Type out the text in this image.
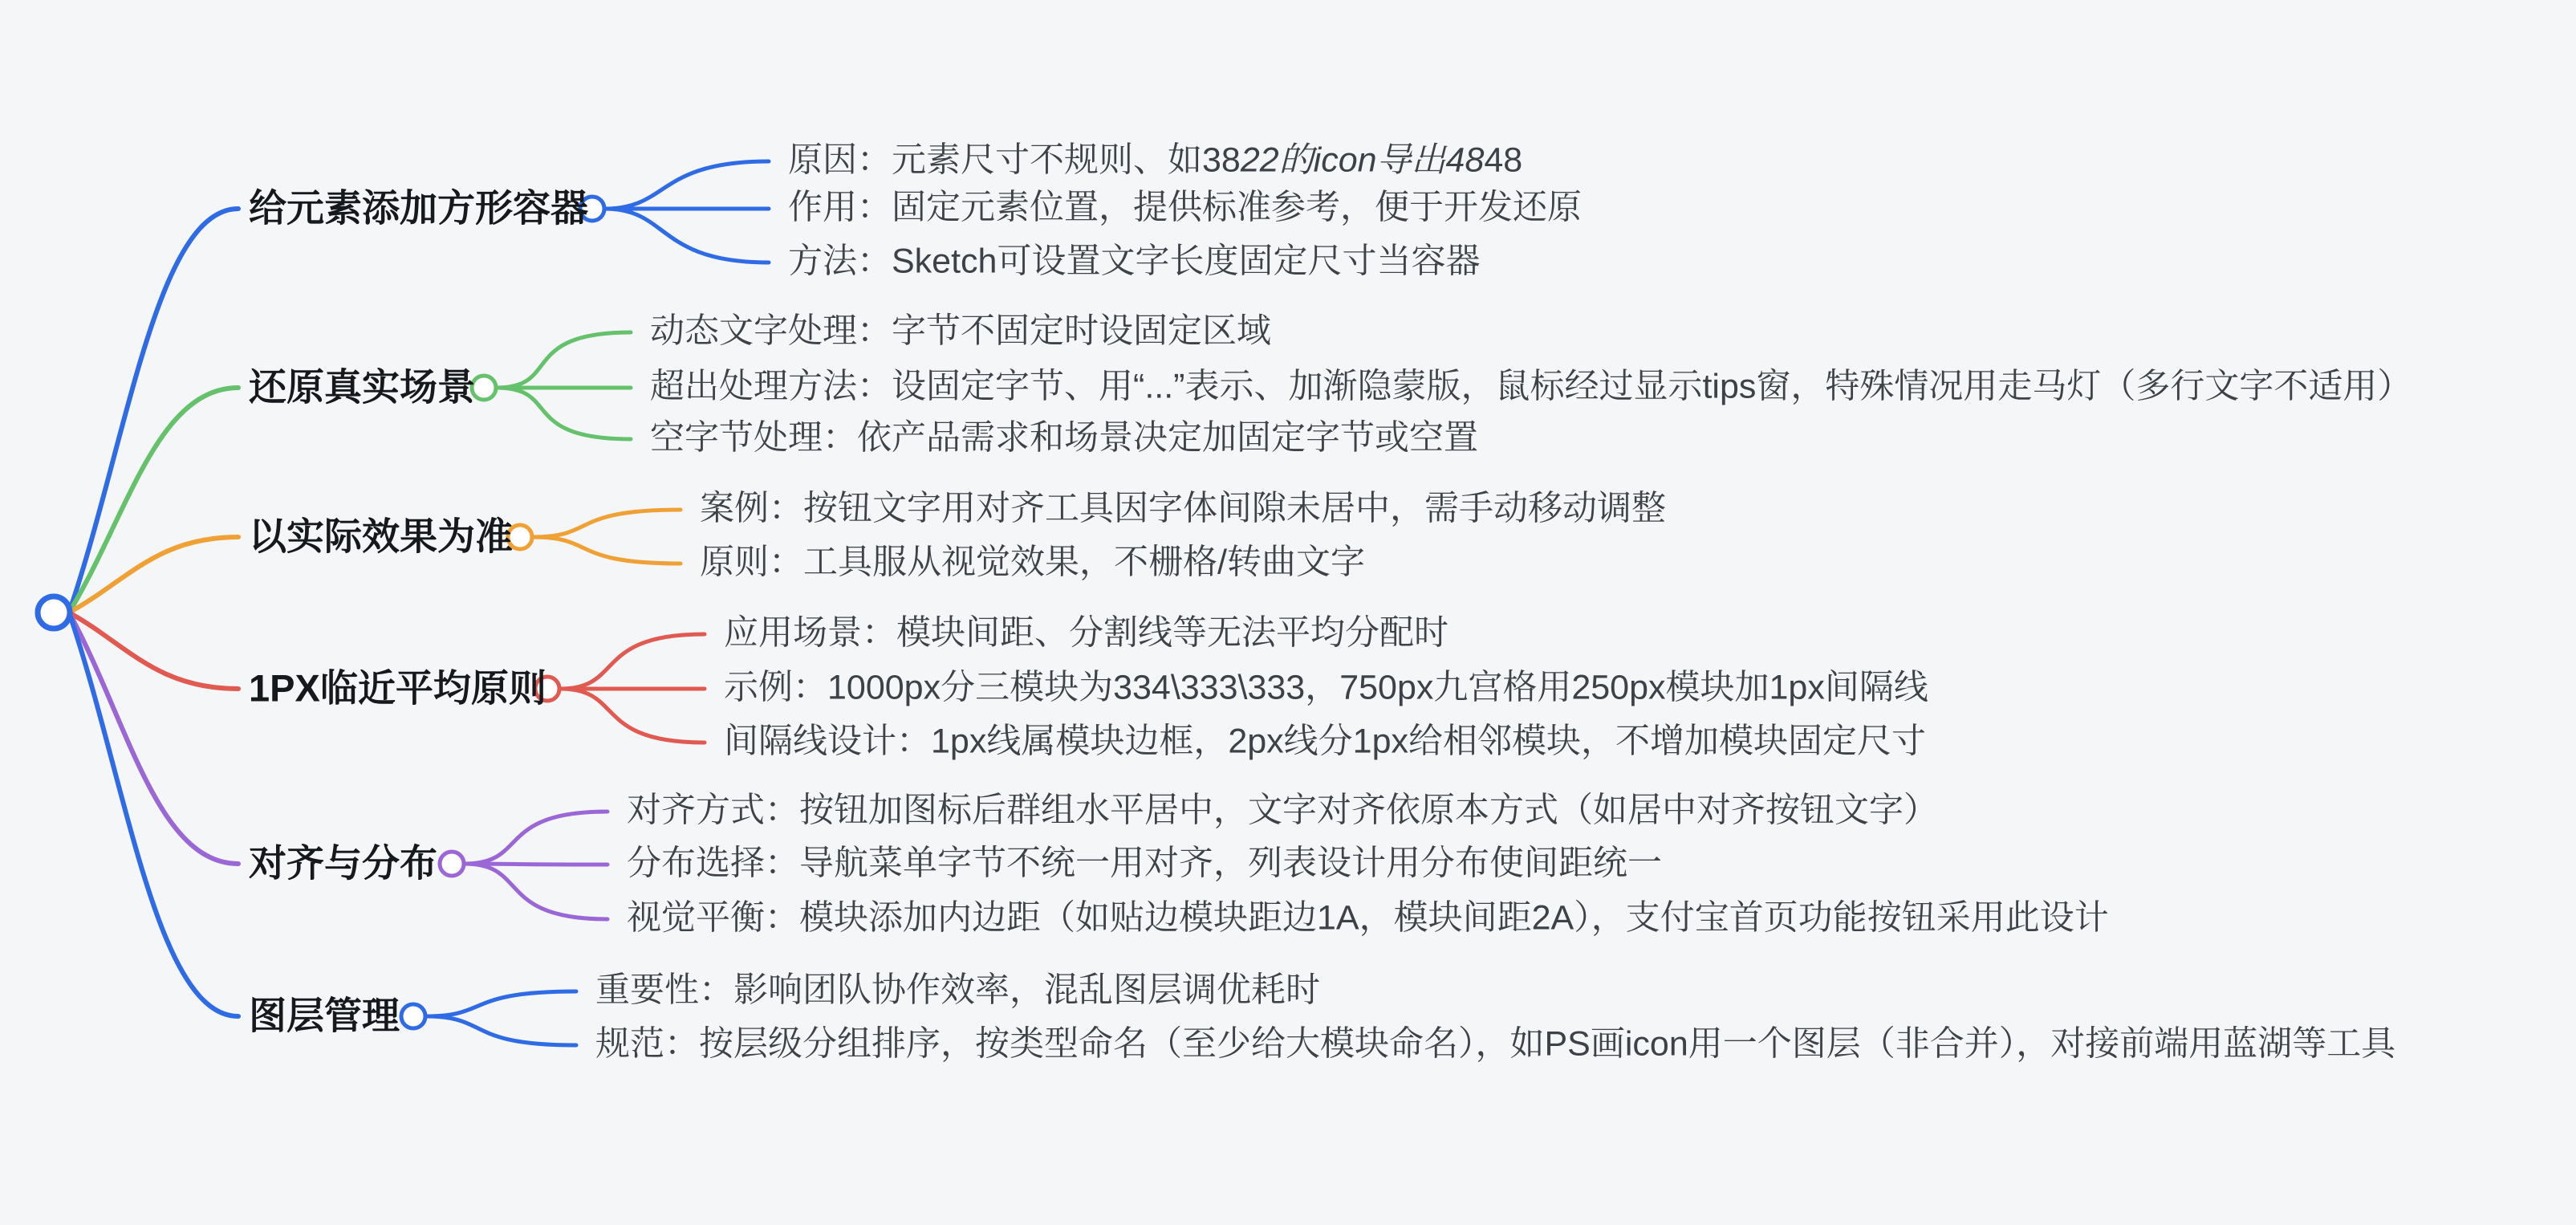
给元素添加方形容器
还原真实场景
以实际效果为准
1PX临近平均原则
对齐与分布
图层管理
原因：元素尺寸不规则、如3822的icon导出4848
作用：固定元素位置，提供标准参考，便于开发还原
方法：Sketch可设置文字长度固定尺寸当容器
动态文字处理：字节不固定时设固定区域
超出处理方法：设固定字节、用“...”表示、加渐隐蒙版，鼠标经过显示tips窗，特殊情况用走马灯（多行文字不适用）
空字节处理：依产品需求和场景决定加固定字节或空置
案例：按钮文字用对齐工具因字体间隙未居中，需手动移动调整
原则：工具服从视觉效果，不栅格/转曲文字
应用场景：模块间距、分割线等无法平均分配时
示例：1000px分三模块为334\333\333，750px九宫格用250px模块加1px间隔线
间隔线设计：1px线属模块边框，2px线分1px给相邻模块，不增加模块固定尺寸
对齐方式：按钮加图标后群组水平居中，文字对齐依原本方式（如居中对齐按钮文字）
分布选择：导航菜单字节不统一用对齐，列表设计用分布使间距统一
视觉平衡：模块添加内边距（如贴边模块距边1A，模块间距2A），支付宝首页功能按钮采用此设计
重要性：影响团队协作效率，混乱图层调优耗时
规范：按层级分组排序，按类型命名（至少给大模块命名），如PS画icon用一个图层（非合并），对接前端用蓝湖等工具
